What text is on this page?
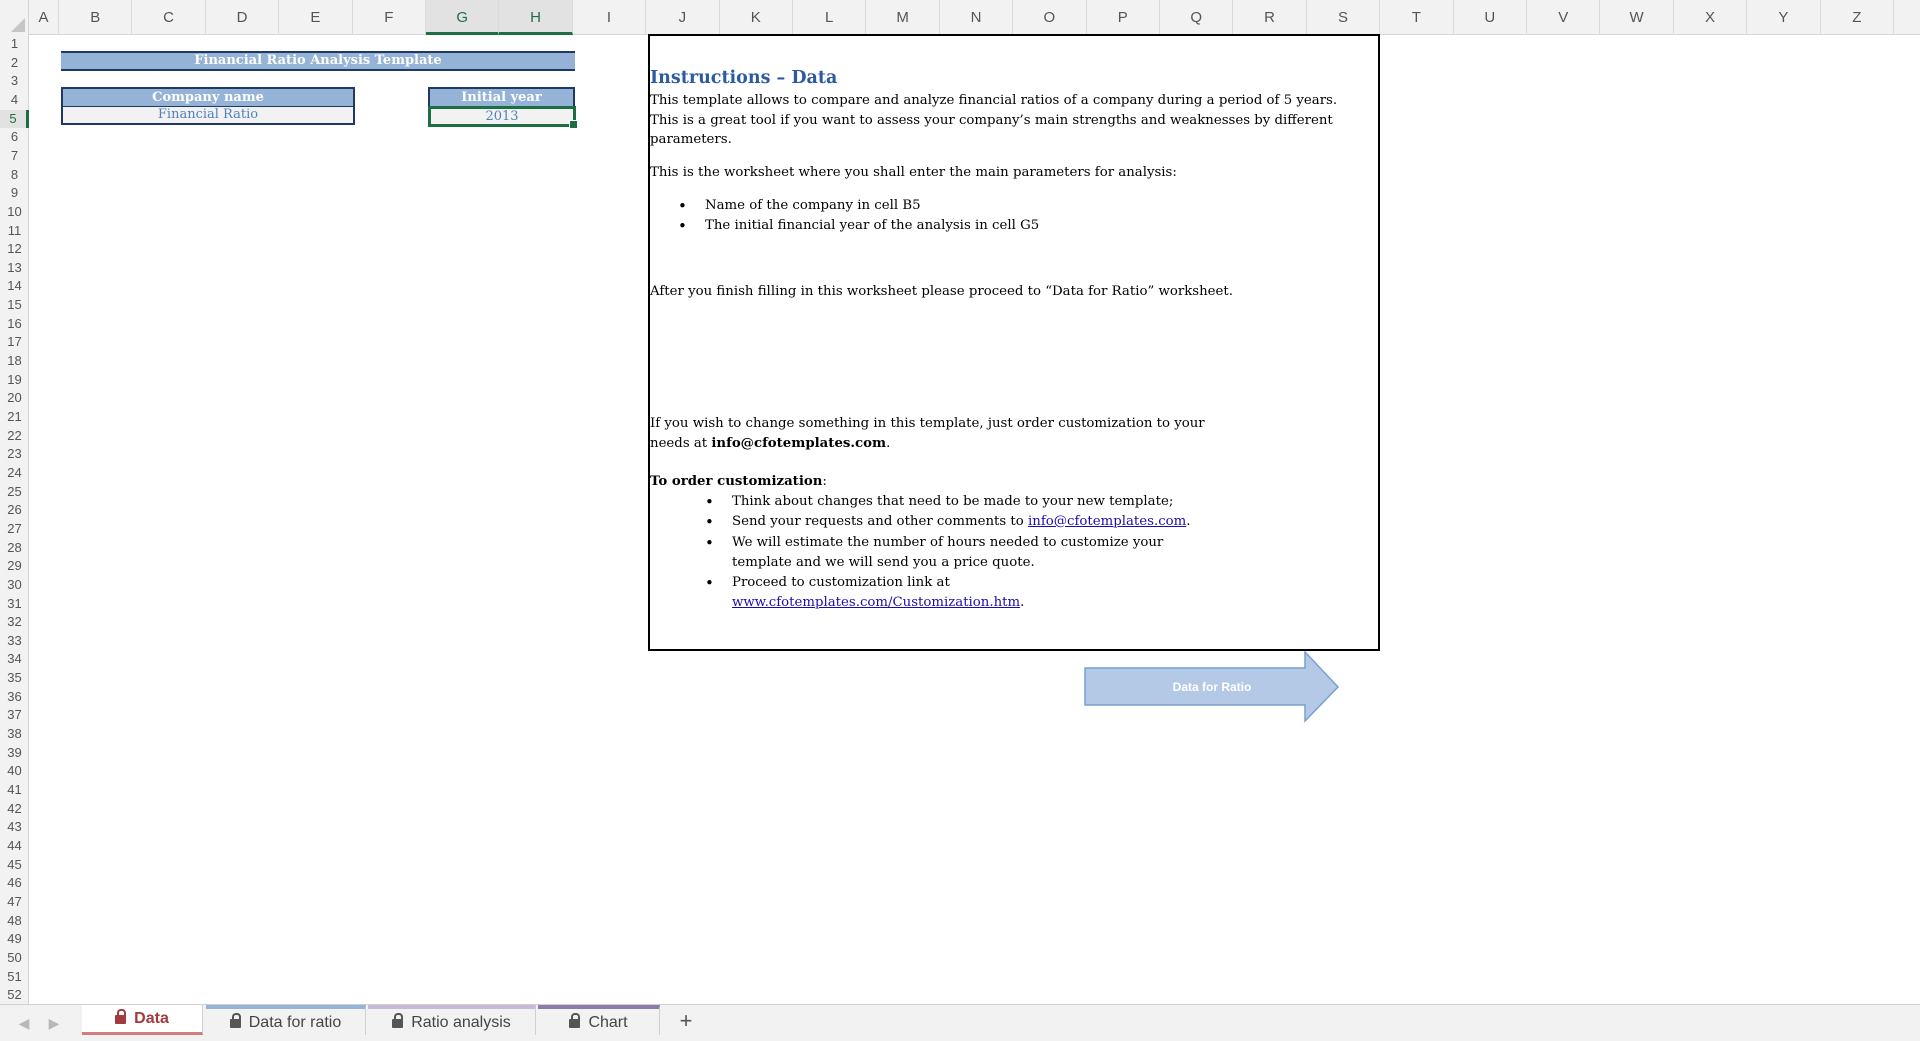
A	B	C	D	E	F	G	H	I	J	K	L	M	N	O	P	Q	R	S	T	U	V	W	X	Y	Z
1
2
3
4
5
6
7
8
9
10
11
12
13
14
15
16
17
18
19
20
21
22
23
24
25
26
27
28
29
30
31
32
33
34
35
36
37
38
39
40
41
42
43
44
45
46
47
48
49
50
51
52
Financial Ratio Analysis Template
Company name
Financial Ratio
Initial year
2013
Instructions – Data
This template allows to compare and analyze financial ratios of a company during a period of 5 years.
This is a great tool if you want to assess your company’s main strengths and weaknesses by different
parameters.
This is the worksheet where you shall enter the main parameters for analysis:
• Name of the company in cell B5
• The initial financial year of the analysis in cell G5
After you finish filling in this worksheet please proceed to “Data for Ratio” worksheet.
If you wish to change something in this template, just order customization to your
needs at info@cfotemplates.com.
To order customization:
• Think about changes that need to be made to your new template;
• Send your requests and other comments to info@cfotemplates.com.
• We will estimate the number of hours needed to customize your
template and we will send you a price quote.
• Proceed to customization link at
www.cfotemplates.com/Customization.htm.
Data for Ratio
◀	▶	Data	Data for ratio	Ratio analysis	Chart	+
